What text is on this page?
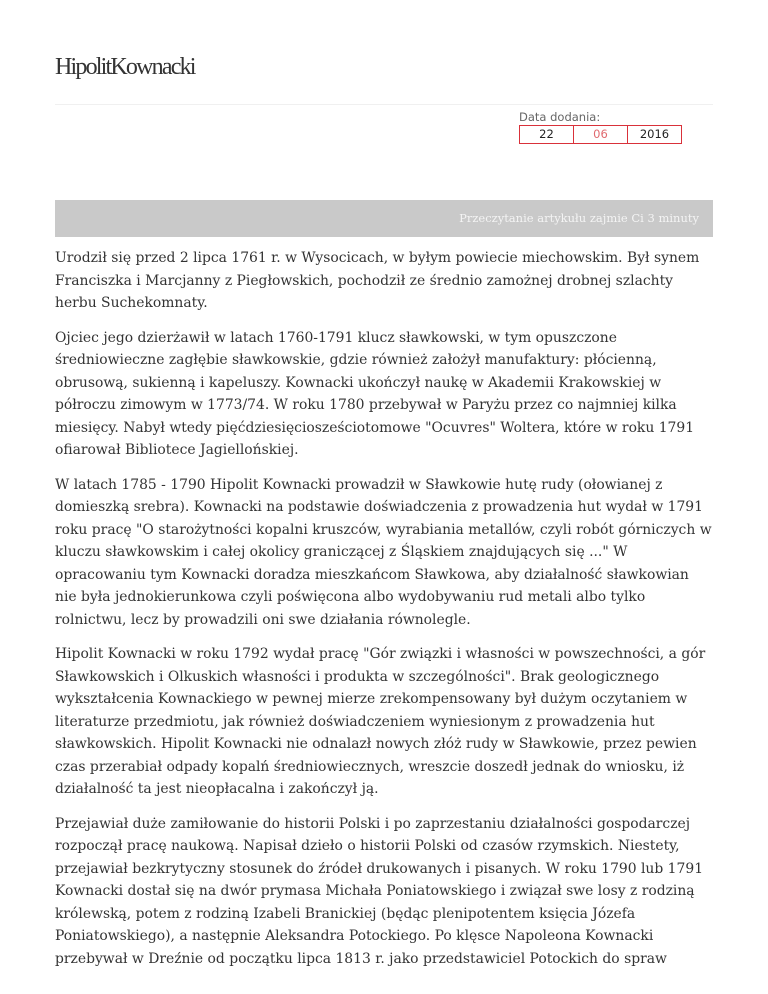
HipolitKownacki
Data dodania:
22	06	2016
Przeczytanie artykułu zajmie Ci 3 minuty

Urodził się przed 2 lipca 1761 r. w Wysocicach, w byłym powiecie miechowskim. Był synem Franciszka i Marcjanny z Piegłowskich, pochodził ze średnio zamożnej drobnej szlachty herbu Suchekomnaty.

Ojciec jego dzierżawił w latach 1760-1791 klucz sławkowski, w tym opuszczone średniowieczne zagłębie sławkowskie, gdzie również założył manufaktury: płócienną, obrusową, sukienną i kapeluszy. Kownacki ukończył naukę w Akademii Krakowskiej w półroczu zimowym w 1773/74. W roku 1780 przebywał w Paryżu przez co najmniej kilka miesięcy. Nabył wtedy pięćdziesięciosześciotomowe "Ocuvres" Woltera, które w roku 1791 ofiarował Bibliotece Jagiellońskiej.

W latach 1785 - 1790 Hipolit Kownacki prowadził w Sławkowie hutę rudy (ołowianej z domieszką srebra). Kownacki na podstawie doświadczenia z prowadzenia hut wydał w 1791 roku pracę "O starożytności kopalni kruszców, wyrabiania metallów, czyli robót górniczych w kluczu sławkowskim i całej okolicy graniczącej z Śląskiem znajdujących się ..." W opracowaniu tym Kownacki doradza mieszkańcom Sławkowa, aby działalność sławkowian nie była jednokierunkowa czyli poświęcona albo wydobywaniu rud metali albo tylko rolnictwu, lecz by prowadzili oni swe działania równolegle.

Hipolit Kownacki w roku 1792 wydał pracę "Gór związki i własności w powszechności, a gór Sławkowskich i Olkuskich własności i produkta w szczególności". Brak geologicznego wykształcenia Kownackiego w pewnej mierze zrekompensowany był dużym oczytaniem w literaturze przedmiotu, jak również doświadczeniem wyniesionym z prowadzenia hut sławkowskich. Hipolit Kownacki nie odnalazł nowych złóż rudy w Sławkowie, przez pewien czas przerabiał odpady kopalń średniowiecznych, wreszcie doszedł jednak do wniosku, iż działalność ta jest nieopłacalna i zakończył ją.

Przejawiał duże zamiłowanie do historii Polski i po zaprzestaniu działalności gospodarczej rozpoczął pracę naukową. Napisał dzieło o historii Polski od czasów rzymskich. Niestety, przejawiał bezkrytyczny stosunek do źródeł drukowanych i pisanych. W roku 1790 lub 1791 Kownacki dostał się na dwór prymasa Michała Poniatowskiego i związał swe losy z rodziną królewską, potem z rodziną Izabeli Branickiej (będąc plenipotentem księcia Józefa Poniatowskiego), a następnie Aleksandra Potockiego. Po klęsce Napoleona Kownacki przebywał w Dreźnie od początku lipca 1813 r. jako przedstawiciel Potockich do spraw
